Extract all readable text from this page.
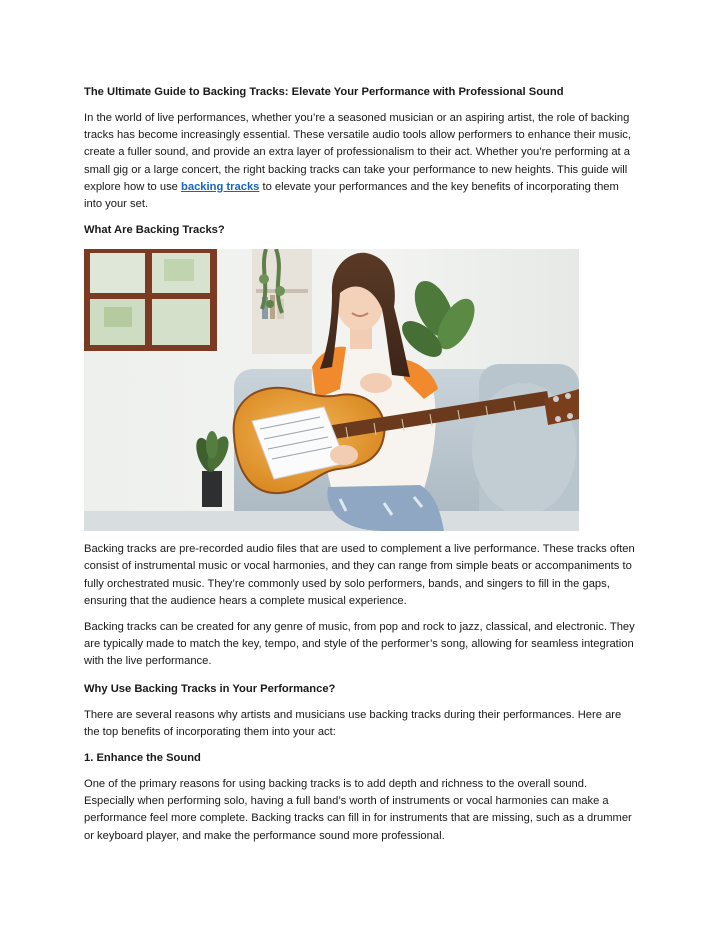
The Ultimate Guide to Backing Tracks: Elevate Your Performance with Professional Sound

In the world of live performances, whether you’re a seasoned musician or an aspiring artist, the role of backing tracks has become increasingly essential. These versatile audio tools allow performers to enhance their music, create a fuller sound, and provide an extra layer of professionalism to their act. Whether you’re performing at a small gig or a large concert, the right backing tracks can take your performance to new heights. This guide will explore how to use backing tracks to elevate your performances and the key benefits of incorporating them into your set.

What Are Backing Tracks?

Backing tracks are pre-recorded audio files that are used to complement a live performance. These tracks often consist of instrumental music or vocal harmonies, and they can range from simple beats or accompaniments to fully orchestrated music. They’re commonly used by solo performers, bands, and singers to fill in the gaps, ensuring that the audience hears a complete musical experience.

Backing tracks can be created for any genre of music, from pop and rock to jazz, classical, and electronic. They are typically made to match the key, tempo, and style of the performer’s song, allowing for seamless integration with the live performance.

Why Use Backing Tracks in Your Performance?

There are several reasons why artists and musicians use backing tracks during their performances. Here are the top benefits of incorporating them into your act:

1. Enhance the Sound

One of the primary reasons for using backing tracks is to add depth and richness to the overall sound. Especially when performing solo, having a full band’s worth of instruments or vocal harmonies can make a performance feel more complete. Backing tracks can fill in for instruments that are missing, such as a drummer or keyboard player, and make the performance sound more professional.
